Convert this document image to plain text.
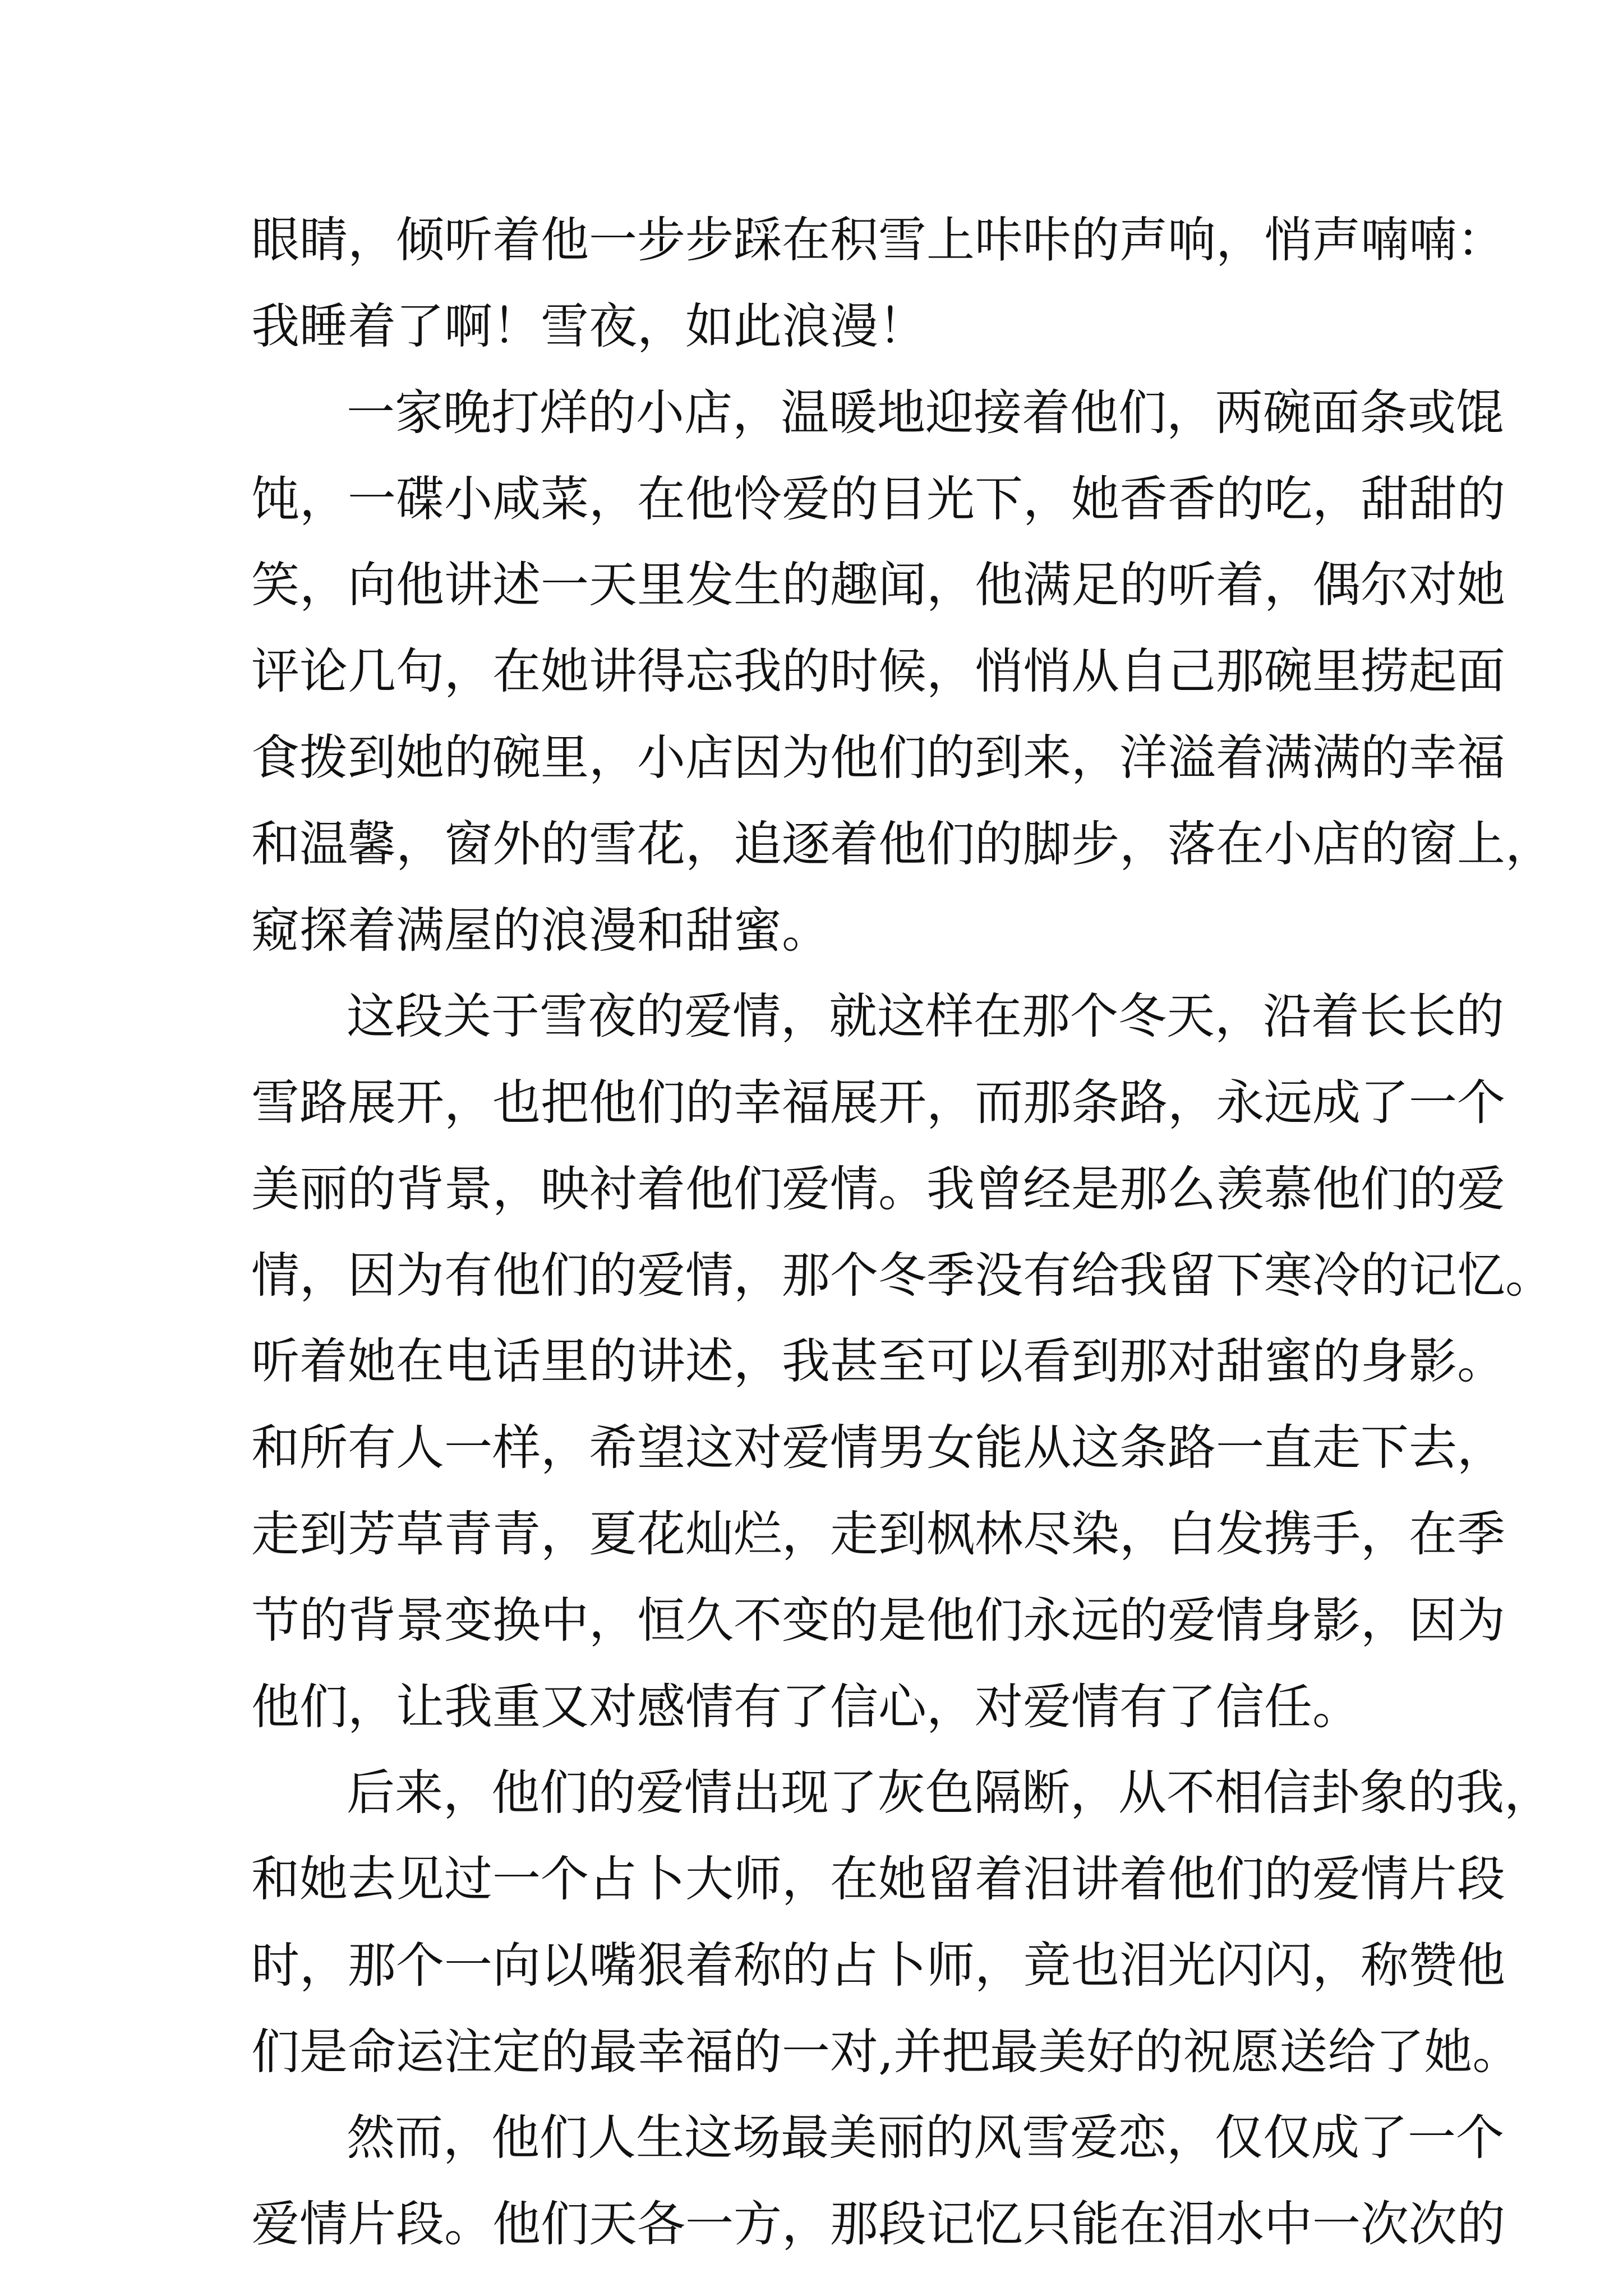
眼睛，倾听着他一步步踩在积雪上咔咔的声响，悄声喃喃：
我睡着了啊！雪夜，如此浪漫！
一家晚打烊的小店，温暖地迎接着他们，两碗面条或馄
饨，一碟小咸菜，在他怜爱的目光下，她香香的吃，甜甜的
笑，向他讲述一天里发生的趣闻，他满足的听着，偶尔对她
评论几句，在她讲得忘我的时候，悄悄从自己那碗里捞起面
食拨到她的碗里，小店因为他们的到来，洋溢着满满的幸福
和温馨，窗外的雪花，追逐着他们的脚步，落在小店的窗上，
窥探着满屋的浪漫和甜蜜。
这段关于雪夜的爱情，就这样在那个冬天，沿着长长的
雪路展开，也把他们的幸福展开，而那条路，永远成了一个
美丽的背景，映衬着他们爱情。我曾经是那么羡慕他们的爱
情，因为有他们的爱情，那个冬季没有给我留下寒冷的记忆。
听着她在电话里的讲述，我甚至可以看到那对甜蜜的身影。
和所有人一样，希望这对爱情男女能从这条路一直走下去，
走到芳草青青，夏花灿烂，走到枫林尽染，白发携手，在季
节的背景变换中，恒久不变的是他们永远的爱情身影，因为
他们，让我重又对感情有了信心，对爱情有了信任。
后来，他们的爱情出现了灰色隔断，从不相信卦象的我，
和她去见过一个占卜大师，在她留着泪讲着他们的爱情片段
时，那个一向以嘴狠着称的占卜师，竟也泪光闪闪，称赞他
们是命运注定的最幸福的一对,并把最美好的祝愿送给了她。
然而，他们人生这场最美丽的风雪爱恋，仅仅成了一个
爱情片段。他们天各一方，那段记忆只能在泪水中一次次的
